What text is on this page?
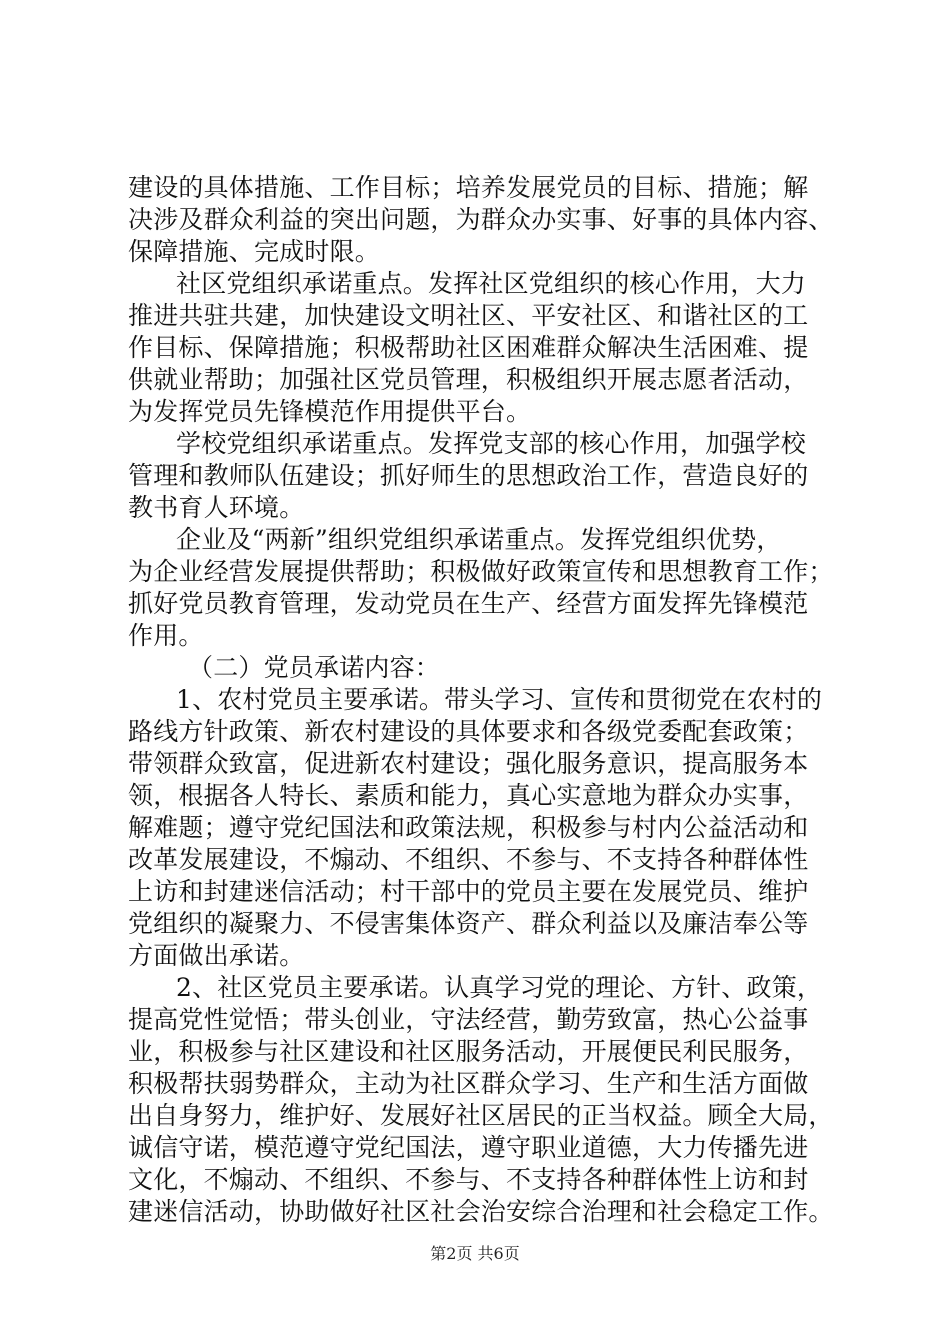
建设的具体措施、工作目标；培养发展党员的目标、措施；解
决涉及群众利益的突出问题，为群众办实事、好事的具体内容、
保障措施、完成时限。
社区党组织承诺重点。发挥社区党组织的核心作用，大力
推进共驻共建，加快建设文明社区、平安社区、和谐社区的工
作目标、保障措施；积极帮助社区困难群众解决生活困难、提
供就业帮助；加强社区党员管理，积极组织开展志愿者活动，
为发挥党员先锋模范作用提供平台。
学校党组织承诺重点。发挥党支部的核心作用，加强学校
管理和教师队伍建设；抓好师生的思想政治工作，营造良好的
教书育人环境。
企业及“两新”组织党组织承诺重点。发挥党组织优势，
为企业经营发展提供帮助；积极做好政策宣传和思想教育工作；
抓好党员教育管理，发动党员在生产、经营方面发挥先锋模范
作用。
（二）党员承诺内容：
1、农村党员主要承诺。带头学习、宣传和贯彻党在农村的
路线方针政策、新农村建设的具体要求和各级党委配套政策；
带领群众致富，促进新农村建设；强化服务意识，提高服务本
领，根据各人特长、素质和能力，真心实意地为群众办实事，
解难题；遵守党纪国法和政策法规，积极参与村内公益活动和
改革发展建设，不煽动、不组织、不参与、不支持各种群体性
上访和封建迷信活动；村干部中的党员主要在发展党员、维护
党组织的凝聚力、不侵害集体资产、群众利益以及廉洁奉公等
方面做出承诺。
2、社区党员主要承诺。认真学习党的理论、方针、政策，
提高党性觉悟；带头创业，守法经营，勤劳致富，热心公益事
业，积极参与社区建设和社区服务活动，开展便民利民服务，
积极帮扶弱势群众，主动为社区群众学习、生产和生活方面做
出自身努力，维护好、发展好社区居民的正当权益。顾全大局，
诚信守诺，模范遵守党纪国法，遵守职业道德，大力传播先进
文化，不煽动、不组织、不参与、不支持各种群体性上访和封
建迷信活动，协助做好社区社会治安综合治理和社会稳定工作。
第2页 共6页
